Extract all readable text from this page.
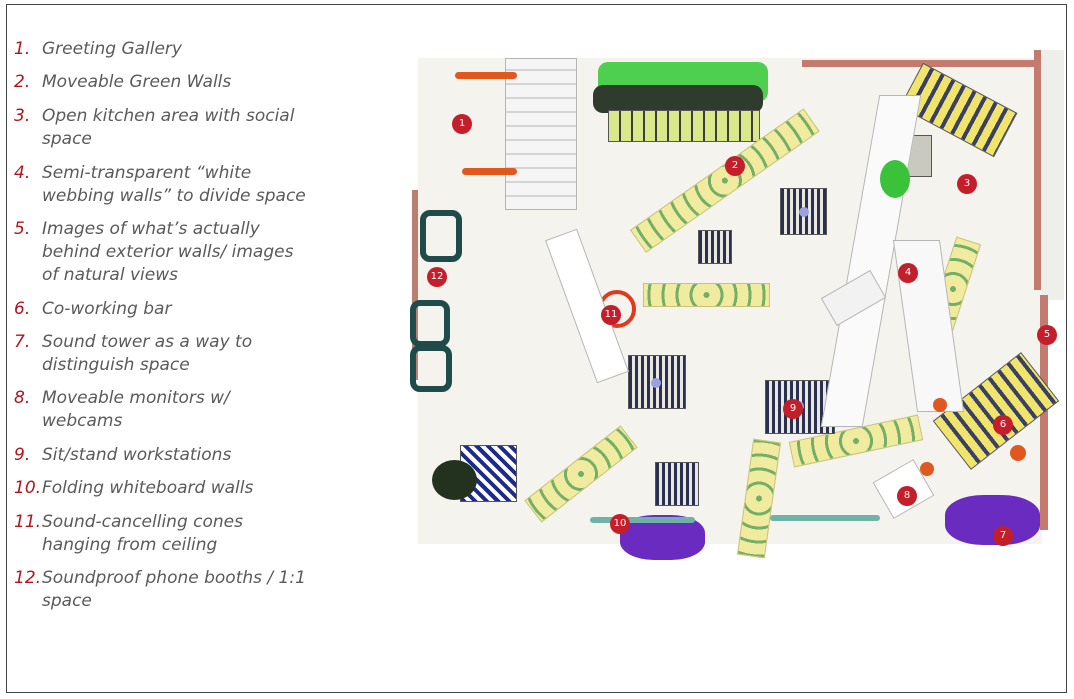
1. Greeting Gallery
2. Moveable Green Walls
3. Open kitchen area with social
space
4. Semi-transparent “white
webbing walls” to divide space
5. Images of what’s actually
behind exterior walls/ images
of natural views
6. Co-working bar
7. Sound tower as a way to
distinguish space
8. Moveable monitors w/
webcams
9. Sit/stand workstations
10.Folding whiteboard walls
11.Sound-cancelling cones
hanging from ceiling
12.Soundproof phone booths / 1:1
space
1
2
3
4
5
6
7
8
9
10
11
12
